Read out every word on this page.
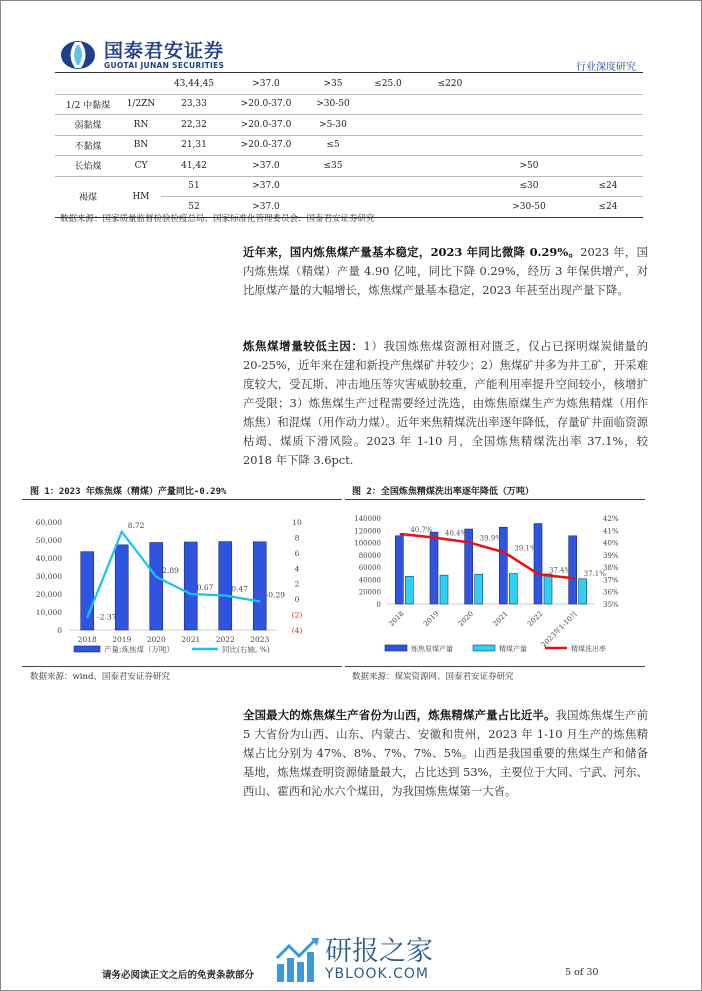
国泰君安证券
GUOTAI JUNAN SECURITIES	行业深度研究
		43,44,45	>37.0	>35	≤25.0	≤220		
1/2 中黏煤	1/2ZN	23,33	>20.0-37.0	>30-50				
弱黏煤	RN	22,32	>20.0-37.0	>5-30				
不黏煤	BN	21,31	>20.0-37.0	≤5				
长焰煤	CY	41,42	>37.0	≤35			>50	
褐煤	HM	51	>37.0				≤30	≤24
		52	>37.0				>30-50	≤24
数据来源：国家质量监督检验检疫总局、国家标准化管理委员会、国泰君安证券研究
近年来，国内炼焦煤产量基本稳定，2023 年同比微降 0.29%。2023 年，国内炼焦煤（精煤）产量 4.90 亿吨，同比下降 0.29%，经历 3 年保供增产，对比原煤产量的大幅增长，炼焦煤产量基本稳定，2023 年甚至出现产量下降。
炼焦煤增量较低主因：1）我国炼焦煤资源相对匮乏，仅占已探明煤炭储量的 20-25%，近年来在建和新投产焦煤矿井较少；2）焦煤矿井多为井工矿，开采难度较大，受瓦斯、冲击地压等灾害威胁较重，产能利用率提升空间较小，核增扩产受限；3）炼焦煤生产过程需要经过洗选，由炼焦原煤生产为炼焦精煤（用作炼焦）和混煤（用作动力煤）。近年来焦精煤洗出率逐年降低，存量矿井面临资源枯竭、煤质下滑风险。2023 年 1-10 月，全国炼焦精煤洗出率 37.1%，较 2018 年下降 3.6pct.
图 1：2023 年炼焦煤（精煤）产量同比-0.29%
60,000
50,000
40,000
30,000
20,000
10,000
0
10
8
6
4
2
0
(2)
(4)
2018 2019 2020 2021 2022 2023
-2.37
8.72
2.89
0.67 0.47
-0.29
产量:炼焦煤（万吨）	同比(右轴, %)
数据来源：wind、国泰君安证券研究
图 2：全国炼焦精煤洗出率逐年降低（万吨）
140000
120000
100000
80000
60000
40000
20000
0
42%
41%
40%
39%
38%
37%
36%
35%
2018 2019 2020 2021 2022
2023年1-10月
40.7% 40.4%
39.9%
39.1%
37.4% 37.1%
炼焦原煤产量	精煤产量	精煤洗出率
数据来源：煤炭资源网、国泰君安证券研究
全国最大的炼焦煤生产省份为山西，炼焦精煤产量占比近半。我国炼焦煤生产前 5 大省份为山西、山东、内蒙古、安徽和贵州，2023 年 1-10 月生产的炼焦精煤占比分别为 47%、8%、7%、7%、5%。山西是我国重要的焦煤生产和储备基地，炼焦煤查明资源储量最大，占比达到 53%，主要位于大同、宁武、河东、 西山、霍西和沁水六个煤田，为我国炼焦煤第一大省。
请务必阅读正文之后的免责条款部分
研报之家
YBLOOK.COM	5 of 30
